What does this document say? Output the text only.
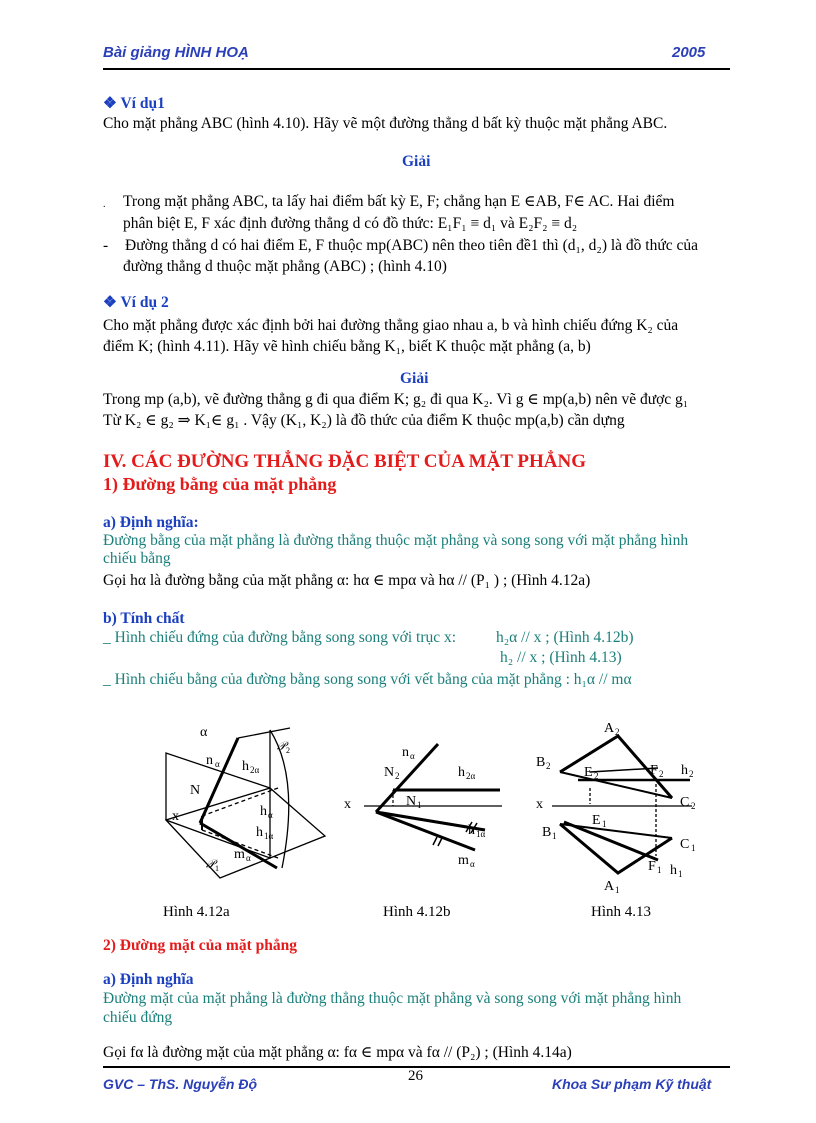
Bài giảng HÌNH HOẠ	2005
❖ Ví dụ1
Cho mặt phẳng ABC (hình 4.10). Hãy vẽ một đường thẳng d bất kỳ thuộc mặt phẳng ABC.
Giải
. Trong mặt phẳng ABC, ta lấy hai điểm bất kỳ E, F; chẳng hạn E ∈AB, F∈ AC. Hai điểm
phân biệt E, F xác định đường thẳng d có đồ thức: E₁F₁ ≡ d₁ và E₂F₂ ≡ d₂
- Đường thẳng d có hai điểm E, F thuộc mp(ABC) nên theo tiên đề1 thì (d₁, d₂) là đồ thức của
đường thẳng d thuộc mặt phẳng (ABC) ; (hình 4.10)
❖ Ví dụ 2
Cho mặt phẳng được xác định bởi hai đường thẳng giao nhau a, b và hình chiếu đứng K₂ của
điểm K; (hình 4.11). Hãy vẽ hình chiếu bằng K₁, biết K thuộc mặt phẳng (a, b)
Giải
Trong mp (a,b), vẽ đường thẳng g đi qua điểm K; g₂ đi qua K₂. Vì g ∈ mp(a,b) nên vẽ được g₁
Từ K₂ ∈ g₂ ⇒ K₁∈ g₁ . Vậy (K₁, K₂) là đồ thức của điểm K thuộc mp(a,b) cần dựng
IV. CÁC ĐƯỜNG THẲNG ĐẶC BIỆT CỦA MẶT PHẲNG
1) Đường bằng của mặt phẳng
a) Định nghĩa:
Đường bằng của mặt phẳng là đường thẳng thuộc mặt phẳng và song song với mặt phẳng hình
chiếu bằng
Gọi hα là đường bằng của mặt phẳng α: hα ∈ mpα và hα // (P₁ ) ; (Hình 4.12a)
b) Tính chất
_ Hình chiếu đứng của đường bằng song song với trục x:	h₂α // x ; (Hình 4.12b)
h₂ // x ; (Hình 4.13)
_ Hình chiếu bằng của đường bằng song song với vết bằng của mặt phẳng : h₁α // mα
α
n α h 2α
N
x	h α
h 1α
m α
𝒫 2
𝒫 1
n α
N 2	h 2α
x	N 1
h 1α
m α
A 2
B 2 E 2	F 2 h 2
x	C 2
E 1
B 1
C 1
F 1 h 1
A 1
Hình 4.12a	Hình 4.12b	Hình 4.13
2) Đường mặt của mặt phẳng
a) Định nghĩa
Đường mặt của mặt phẳng là đường thẳng thuộc mặt phẳng và song song với mặt phẳng hình
chiếu đứng
Gọi fα là đường mặt của mặt phẳng α: fα ∈ mpα và fα // (P₂) ; (Hình 4.14a)
GVC – ThS. Nguyễn Độ	26	Khoa Sư phạm Kỹ thuật
